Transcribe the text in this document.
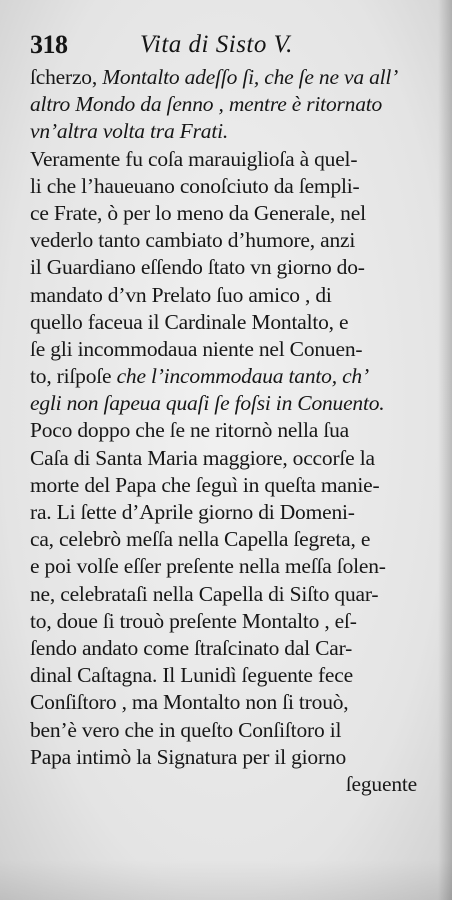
318	Vita di Sisto V.
ſcherzo, Montalto adeſſo ſi, che ſe ne va all’
altro Mondo da ſenno , mentre è ritornato
vn’altra volta tra Frati.
Veramente fu coſa marauiglioſa à quel-
li che l’haueuano conoſciuto da ſempli-
ce Frate, ò per lo meno da Generale, nel
vederlo tanto cambiato d’humore, anzi
il Guardiano eſſendo ſtato vn giorno do-
mandato d’vn Prelato ſuo amico , di
quello faceua il Cardinale Montalto, e
ſe gli incommodaua niente nel Conuen-
to, riſpoſe che l’incommodaua tanto, ch’
egli non ſapeua quaſi ſe foſsi in Conuento.
Poco doppo che ſe ne ritornò nella ſua
Caſa di Santa Maria maggiore, occorſe la
morte del Papa che ſeguì in queſta manie-
ra. Li ſette d’Aprile giorno di Domeni-
ca, celebrò meſſa nella Capella ſegreta, e
e poi volſe eſſer preſente nella meſſa ſolen-
ne, celebrataſi nella Capella di Siſto quar-
to, doue ſi trouò preſente Montalto , eſ-
ſendo andato come ſtraſcinato dal Car-
dinal Caſtagna. Il Lunidì ſeguente fece
Conſiſtoro , ma Montalto non ſi trouò,
ben’è vero che in queſto Conſiſtoro il
Papa intimò la Signatura per il giorno
ſeguente
